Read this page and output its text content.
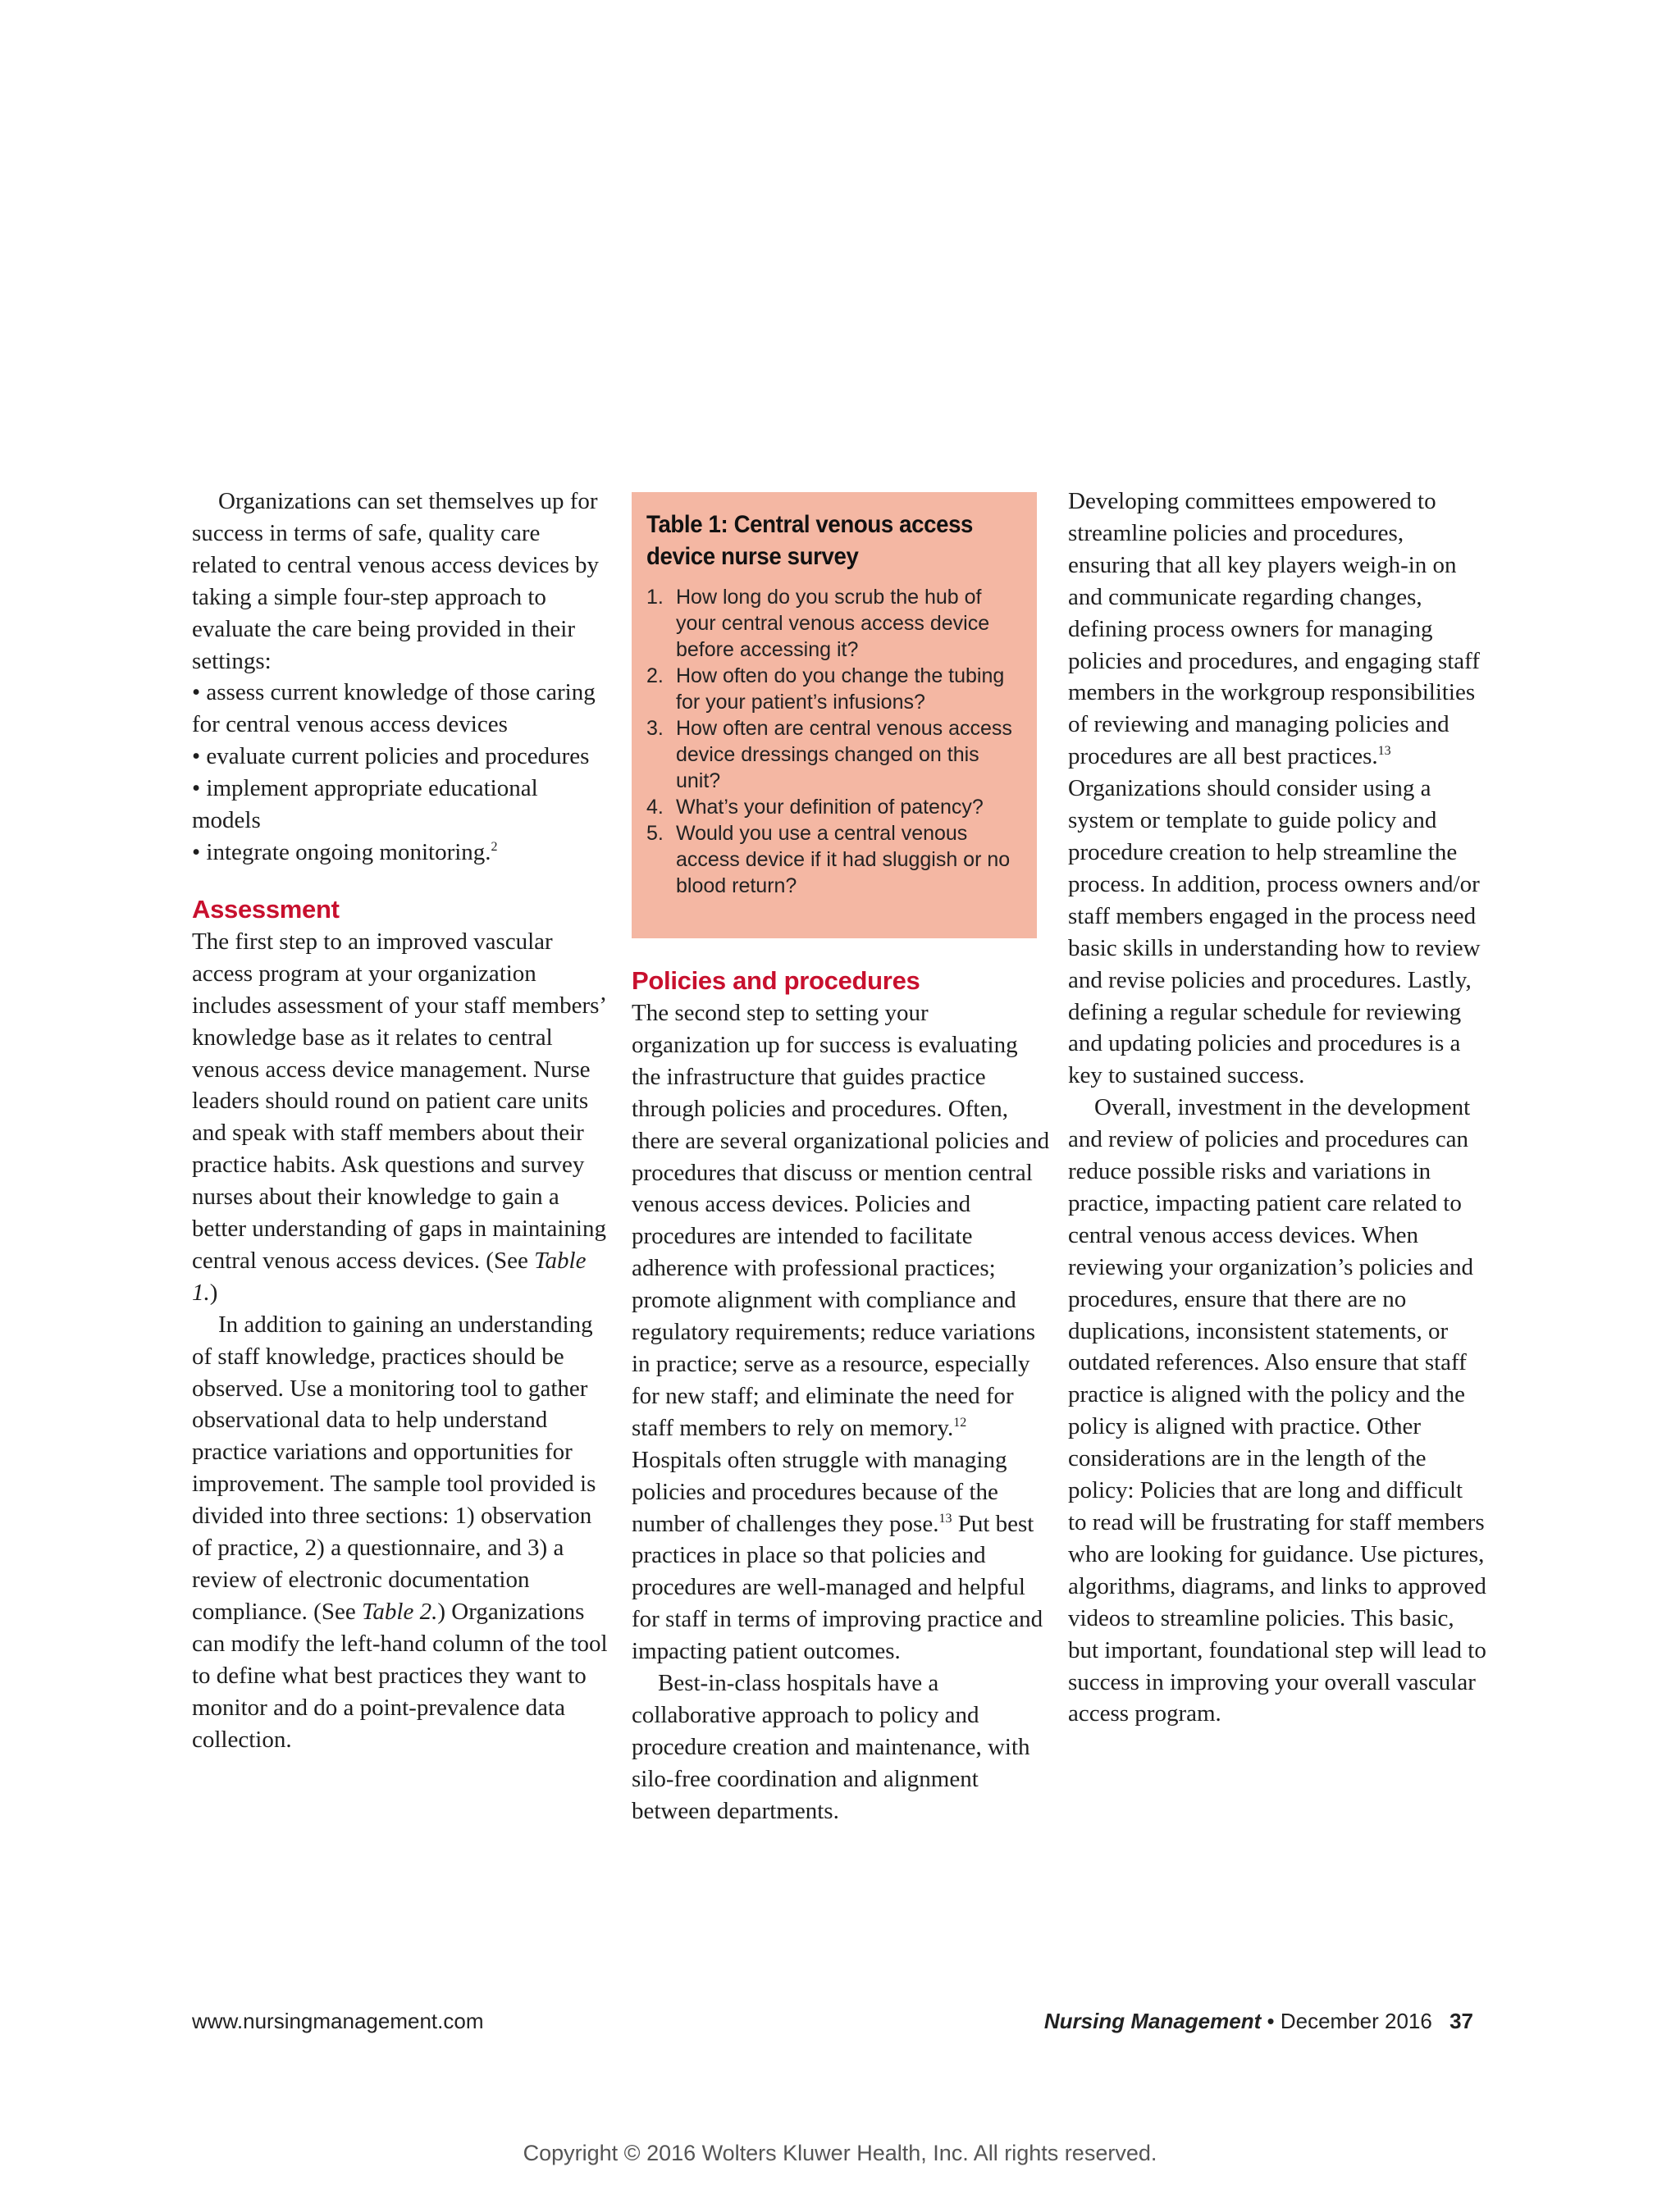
Organizations can set themselves up for success in terms of safe, quality care related to central venous access devices by taking a simple four-step approach to evaluate the care being provided in their settings:

• assess current knowledge of those caring for central venous access devices

• evaluate current policies and procedures

• implement appropriate educational models

• integrate ongoing monitoring.$^2$

Assessment

The first step to an improved vascular access program at your organization includes assessment of your staff members’ knowledge base as it relates to central venous access device management. Nurse leaders should round on patient care units and speak with staff members about their practice habits. Ask questions and survey nurses about their knowledge to gain a better understanding of gaps in maintaining central venous access devices. (See Table 1.)

In addition to gaining an understanding of staff knowledge, practices should be observed. Use a monitoring tool to gather observational data to help understand practice variations and opportunities for improvement. The sample tool provided is divided into three sections: 1) observation of practice, 2) a questionnaire, and 3) a review of electronic documentation compliance. (See Table 2.) Organizations can modify the left-hand column of the tool to define what best practices they want to monitor and do a point-prevalence data collection.

Table 1: Central venous access device nurse survey
1. How long do you scrub the hub of your central venous access device before accessing it?
2. How often do you change the tubing for your patient’s infusions?
3. How often are central venous access device dressings changed on this unit?
4. What’s your definition of patency?
5. Would you use a central venous access device if it had sluggish or no blood return?
Policies and procedures

The second step to setting your organization up for success is evaluating the infrastructure that guides practice through policies and procedures. Often, there are several organizational policies and procedures that discuss or mention central venous access devices. Policies and procedures are intended to facilitate adherence with professional practices; promote alignment with compliance and regulatory requirements; reduce variations in practice; serve as a resource, especially for new staff; and eliminate the need for staff members to rely on memory.$^{12}$ Hospitals often struggle with managing policies and procedures because of the number of challenges they pose.$^{13}$ Put best practices in place so that policies and procedures are well-managed and helpful for staff in terms of improving practice and impacting patient outcomes.

Best-in-class hospitals have a collaborative approach to policy and procedure creation and maintenance, with silo-free coordination and alignment between departments.

Developing committees empowered to streamline policies and procedures, ensuring that all key players weigh-in on and communicate regarding changes, defining process owners for managing policies and procedures, and engaging staff members in the workgroup responsibilities of reviewing and managing policies and procedures are all best practices.$^{13}$ Organizations should consider using a system or template to guide policy and procedure creation to help streamline the process. In addition, process owners and/or staff members engaged in the process need basic skills in understanding how to review and revise policies and procedures. Lastly, defining a regular schedule for reviewing and updating policies and procedures is a key to sustained success.

Overall, investment in the development and review of policies and procedures can reduce possible risks and variations in practice, impacting patient care related to central venous access devices. When reviewing your organization’s policies and procedures, ensure that there are no duplications, inconsistent statements, or outdated references. Also ensure that staff practice is aligned with the policy and the policy is aligned with practice. Other considerations are in the length of the policy: Policies that are long and difficult to read will be frustrating for staff members who are looking for guidance. Use pictures, algorithms, diagrams, and links to approved videos to streamline policies. This basic, but important, foundational step will lead to success in improving your overall vascular access program.

www.nursingmanagement.com	Nursing Management • December 2016 37
Copyright © 2016 Wolters Kluwer Health, Inc. All rights reserved.
